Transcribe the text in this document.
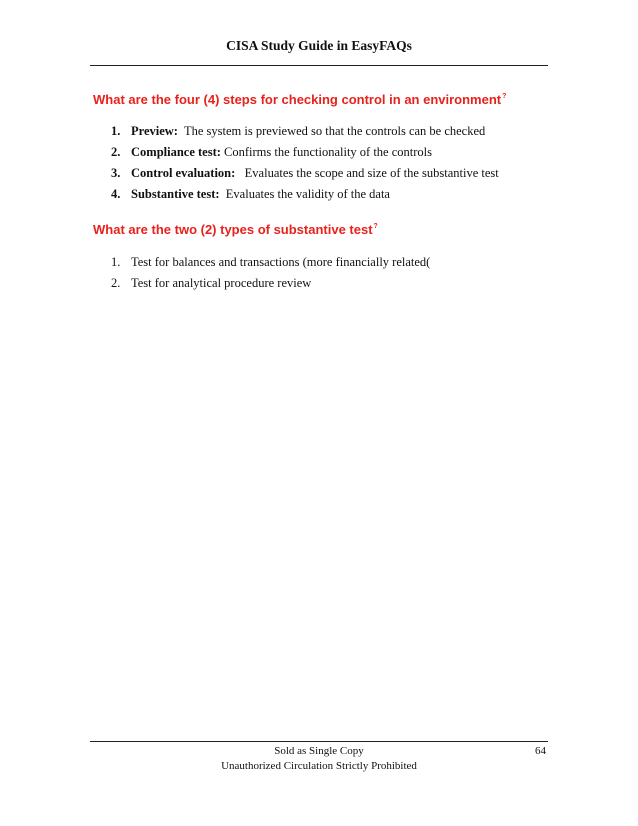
CISA Study Guide in EasyFAQs
What are the four (4) steps for checking control in an environment?
1. Preview:  The system is previewed so that the controls can be checked
2. Compliance test: Confirms the functionality of the controls
3. Control evaluation:   Evaluates the scope and size of the substantive test
4. Substantive test:  Evaluates the validity of the data
What are the two (2) types of substantive test?
1. Test for balances and transactions (more financially related(
2. Test for analytical procedure review
Sold as Single Copy
Unauthorized Circulation Strictly Prohibited
64
